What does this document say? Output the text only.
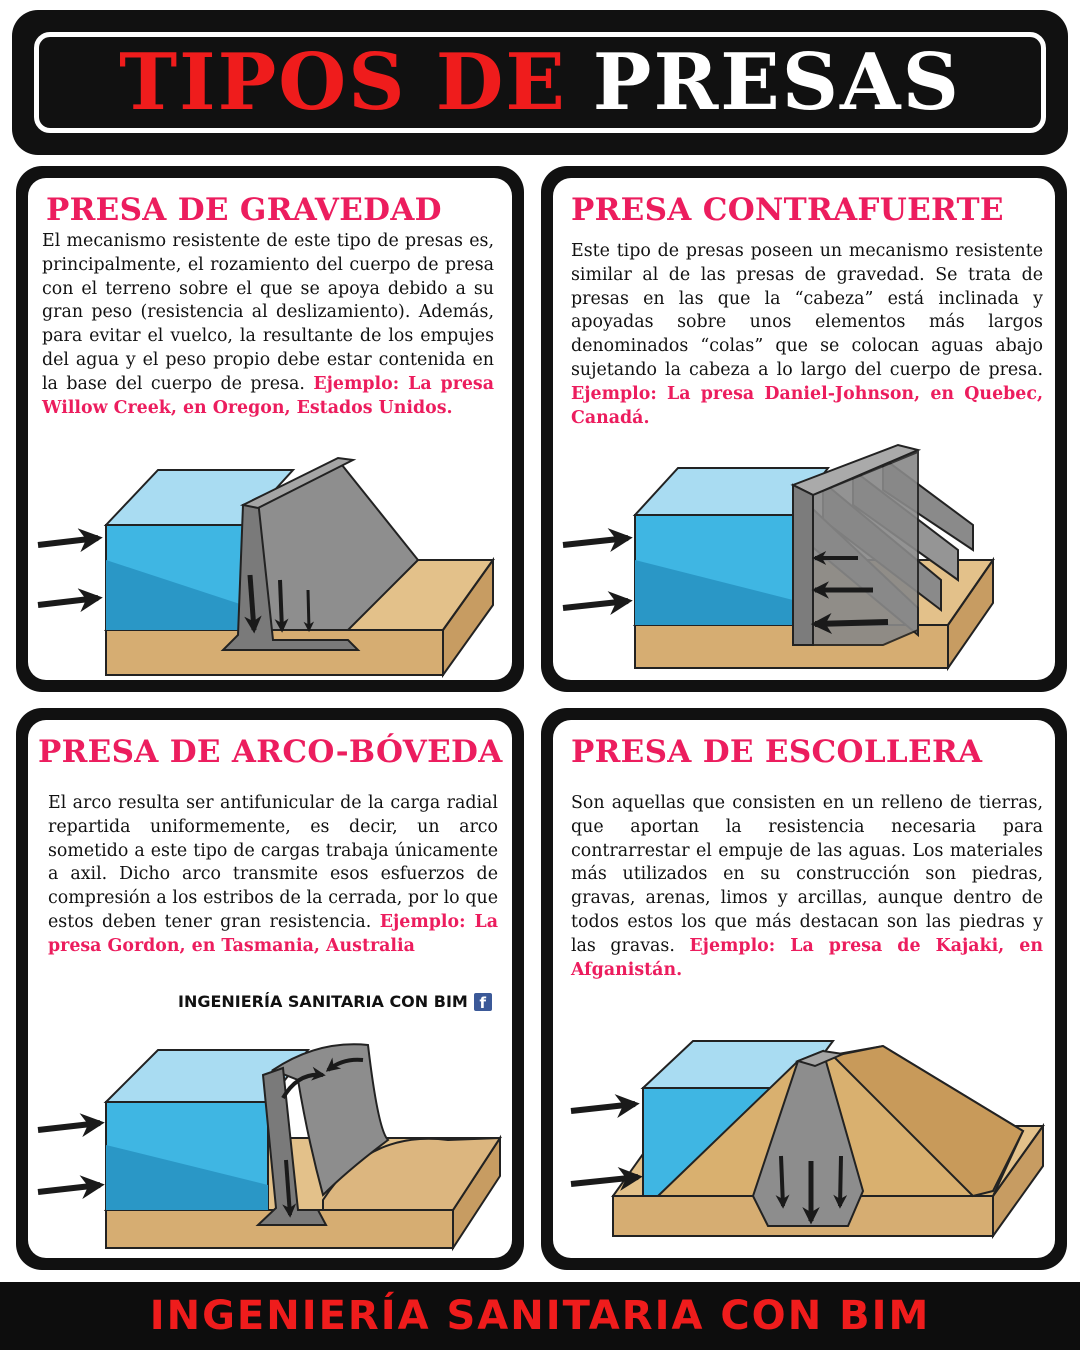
TIPOS DE PRESAS
PRESA DE GRAVEDAD

El mecanismo resistente de este tipo de presas es, principalmente, el rozamiento del cuerpo de presa con el terreno sobre el que se apoya debido a su gran peso (resistencia al deslizamiento). Además, para evitar el vuelco, la resultante de los empujes del agua y el peso propio debe estar contenida en la base del cuerpo de presa. Ejemplo: La presa Willow Creek, en Oregon, Estados Unidos.

PRESA CONTRAFUERTE

Este tipo de presas poseen un mecanismo resistente similar al de las presas de gravedad. Se trata de presas en las que la “cabeza” está inclinada y apoyadas sobre unos elementos más largos denominados “colas” que se colocan aguas abajo sujetando la cabeza a lo largo del cuerpo de presa. Ejemplo: La presa Daniel-Johnson, en Quebec, Canadá.

PRESA DE ARCO-BÓVEDA

El arco resulta ser antifunicular de la carga radial repartida uniformemente, es decir, un arco sometido a este tipo de cargas trabaja únicamente a axil. Dicho arco transmite esos esfuerzos de compresión a los estribos de la cerrada, por lo que estos deben tener gran resistencia. Ejemplo: La presa Gordon, en Tasmania, Australia

INGENIERÍA SANITARIA CON BIM f
PRESA DE ESCOLLERA

Son aquellas que consisten en un relleno de tierras, que aportan la resistencia necesaria para contrarrestar el empuje de las aguas. Los materiales más utilizados en su construcción son piedras, gravas, arenas, limos y arcillas, aunque dentro de todos estos los que más destacan son las piedras y las gravas. Ejemplo: La presa de Kajaki, en Afganistán.

INGENIERÍA SANITARIA CON BIM
